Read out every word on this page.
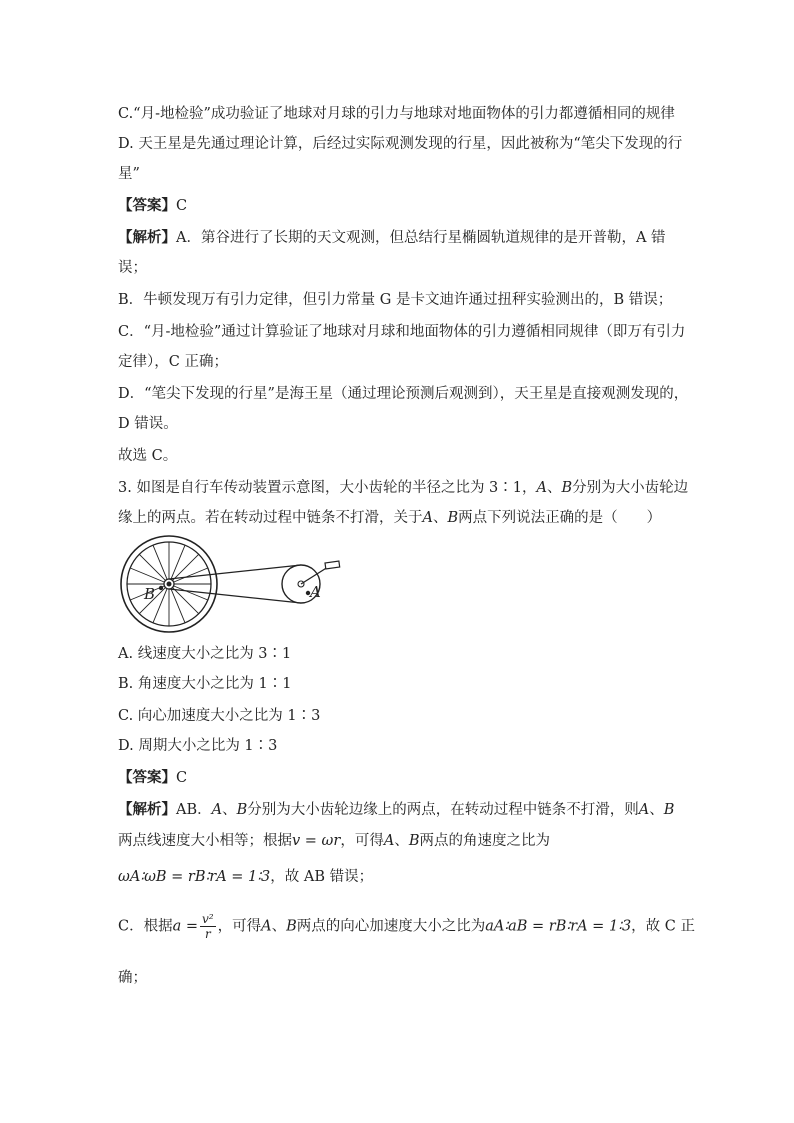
C.“月-地检验”成功验证了地球对月球的引力与地球对地面物体的引力都遵循相同的规律
D. 天王星是先通过理论计算，后经过实际观测发现的行星，因此被称为“笔尖下发现的行
星”
【答案】C
【解析】A．第谷进行了长期的天文观测，但总结行星椭圆轨道规律的是开普勒，A 错
误；
B．牛顿发现万有引力定律，但引力常量 G 是卡文迪许通过扭秤实验测出的，B 错误；
C．“月-地检验”通过计算验证了地球对月球和地面物体的引力遵循相同规律（即万有引力
定律），C 正确；
D．“笔尖下发现的行星”是海王星（通过理论预测后观测到），天王星是直接观测发现的，
D 错误。
故选 C。
3. 如图是自行车传动装置示意图，大小齿轮的半径之比为 3∶1，A、B分别为大小齿轮边
缘上的两点。若在转动过程中链条不打滑，关于A、B两点下列说法正确的是（　　）
B	A
A. 线速度大小之比为 3∶1
B. 角速度大小之比为 1∶1
C. 向心加速度大小之比为 1∶3
D. 周期大小之比为 1∶3
【答案】C
【解析】AB．A、B分别为大小齿轮边缘上的两点，在转动过程中链条不打滑，则A、B
两点线速度大小相等；根据v = ωr，可得A、B两点的角速度之比为
ωA∶ωB = rB∶rA = 1∶3，故 AB 错误；
C．根据$a = \frac{\text{v²}}{r}$ ，可得A、B两点的向心加速度大小之比为aA∶aB = rB∶rA = 1∶3，故 C 正
确；
